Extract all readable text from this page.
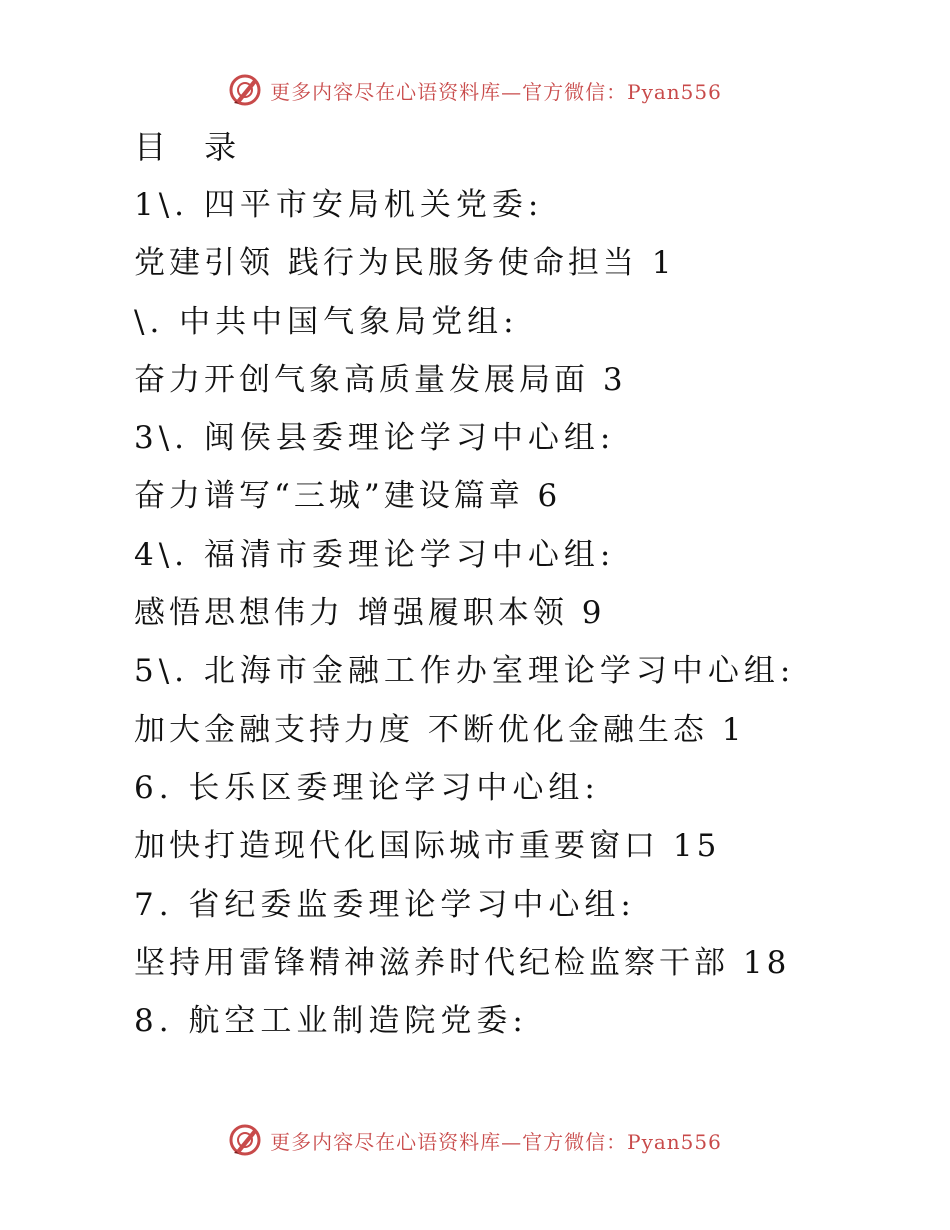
更多内容尽在心语资料库—官方微信：Pyan556
目 录
1\. 四平市安局机关党委:
党建引领 践行为民服务使命担当 1
\. 中共中国气象局党组:
奋力开创气象高质量发展局面 3
3\. 闽侯县委理论学习中心组:
奋力谱写“三城”建设篇章 6
4\. 福清市委理论学习中心组:
感悟思想伟力 增强履职本领 9
5\. 北海市金融工作办室理论学习中心组:
加大金融支持力度 不断优化金融生态 1
6. 长乐区委理论学习中心组:
加快打造现代化国际城市重要窗口 15
7. 省纪委监委理论学习中心组:
坚持用雷锋精神滋养时代纪检监察干部 18
8. 航空工业制造院党委:
更多内容尽在心语资料库—官方微信：Pyan556
